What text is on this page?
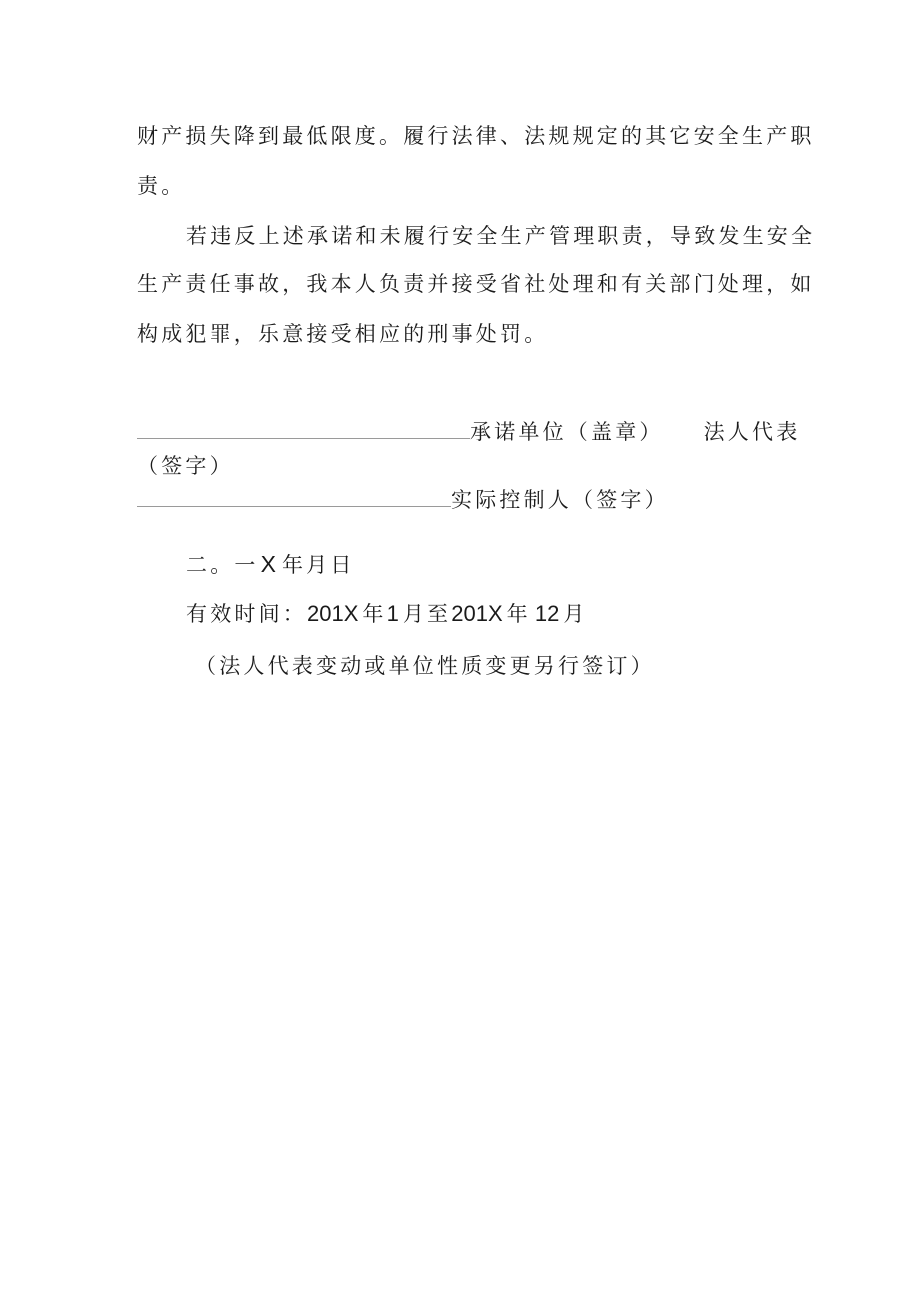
财产损失降到最低限度。履行法律、法规规定的其它安全生产职
责。
若违反上述承诺和未履行安全生产管理职责，导致发生安全
生产责任事故，我本人负责并接受省社处理和有关部门处理，如
构成犯罪，乐意接受相应的刑事处罚。
承诺单位（盖章） 法人代表
（签字）
实际控制人（签字）
二。一X 年月日
有效时间：201X 年1 月至201X 年 12 月
（法人代表变动或单位性质变更另行签订）
